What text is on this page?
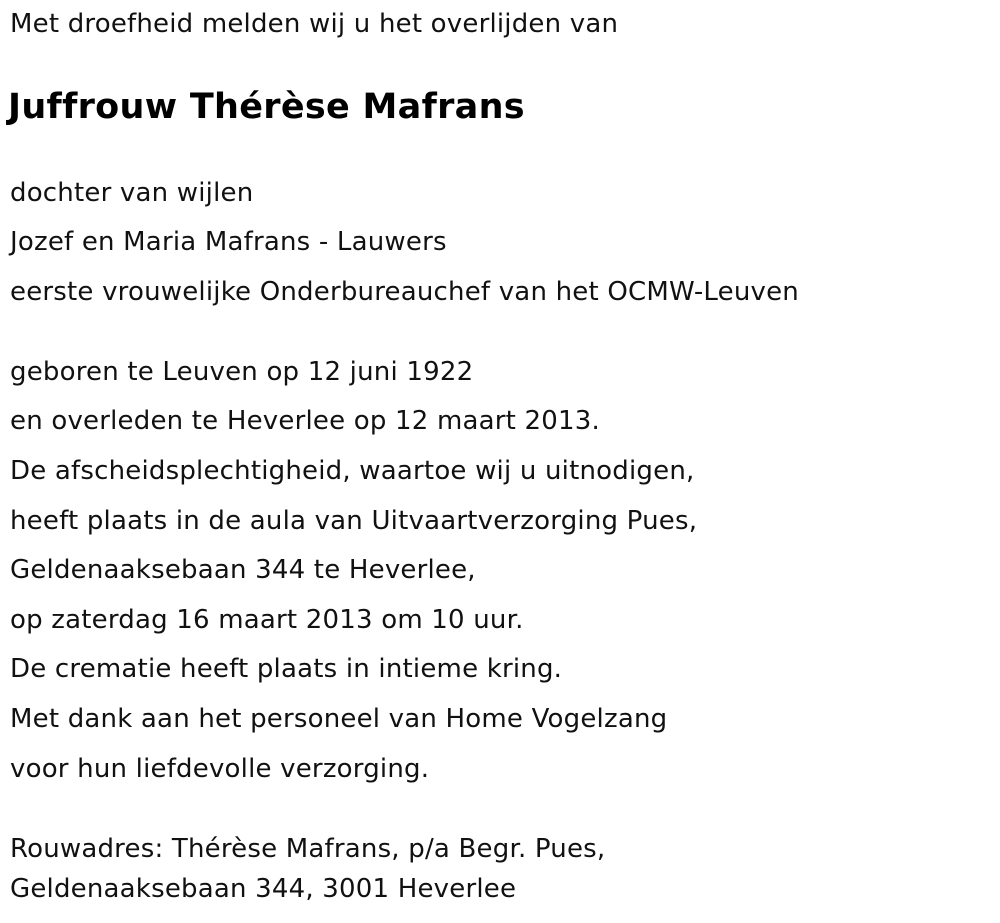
Met droefheid melden wij u het overlijden van
Juffrouw Thérèse Mafrans
dochter van wijlen
Jozef en Maria Mafrans - Lauwers
eerste vrouwelijke Onderbureauchef van het OCMW-Leuven
geboren te Leuven op 12 juni 1922
en overleden te Heverlee op 12 maart 2013.
De afscheidsplechtigheid, waartoe wij u uitnodigen,
heeft plaats in de aula van Uitvaartverzorging Pues,
Geldenaaksebaan 344 te Heverlee,
op zaterdag 16 maart 2013 om 10 uur.
De crematie heeft plaats in intieme kring.
Met dank aan het personeel van Home Vogelzang
voor hun liefdevolle verzorging.
Rouwadres: Thérèse Mafrans, p/a Begr. Pues,
Geldenaaksebaan 344, 3001 Heverlee
